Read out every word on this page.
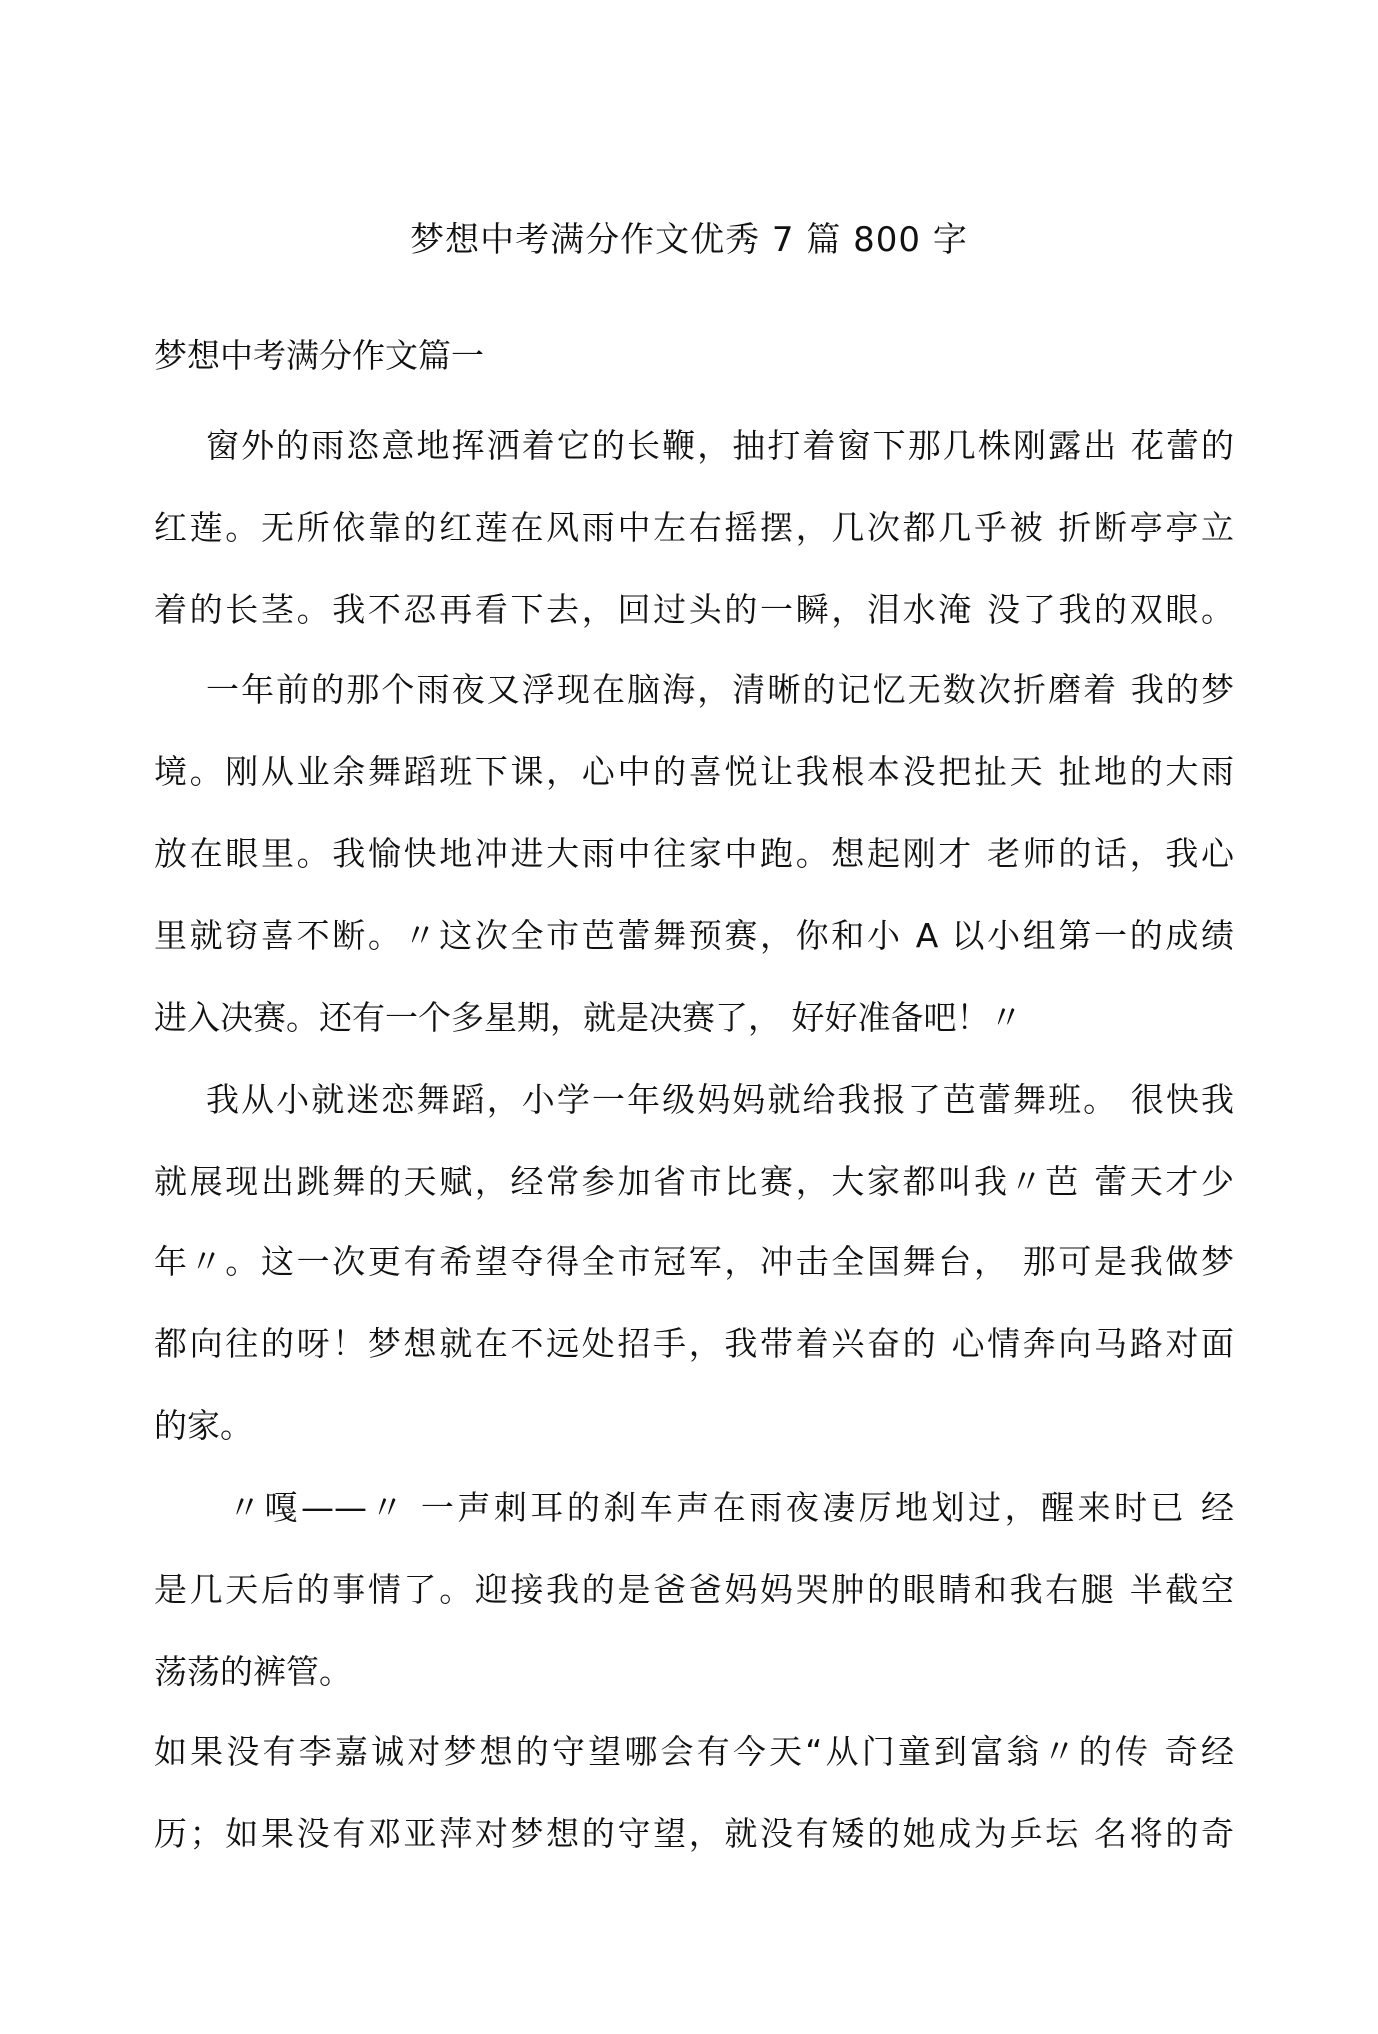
梦想中考满分作文优秀 7 篇 800 字
梦想中考满分作文篇一
窗外的雨恣意地挥洒着它的长鞭，抽打着窗下那几株刚露出 花蕾的
红莲。无所依靠的红莲在风雨中左右摇摆，几次都几乎被 折断亭亭立
着的长茎。我不忍再看下去，回过头的一瞬，泪水淹 没了我的双眼。
一年前的那个雨夜又浮现在脑海，清晰的记忆无数次折磨着 我的梦
境。刚从业余舞蹈班下课，心中的喜悦让我根本没把扯天 扯地的大雨
放在眼里。我愉快地冲进大雨中往家中跑。想起刚才 老师的话，我心
里就窃喜不断。〃这次全市芭蕾舞预赛，你和小 A 以小组第一的成绩
进入决赛。还有一个多星期，就是决赛了， 好好准备吧！〃
我从小就迷恋舞蹈，小学一年级妈妈就给我报了芭蕾舞班。 很快我
就展现出跳舞的天赋，经常参加省市比赛，大家都叫我〃芭 蕾天才少
年〃。这一次更有希望夺得全市冠军，冲击全国舞台， 那可是我做梦
都向往的呀！梦想就在不远处招手，我带着兴奋的 心情奔向马路对面
的家。
〃嘎——〃 一声刺耳的刹车声在雨夜凄厉地划过，醒来时已 经
是几天后的事情了。迎接我的是爸爸妈妈哭肿的眼睛和我右腿 半截空
荡荡的裤管。
如果没有李嘉诚对梦想的守望哪会有今天“从门童到富翁〃的传 奇经
历；如果没有邓亚萍对梦想的守望，就没有矮的她成为乒坛 名将的奇
